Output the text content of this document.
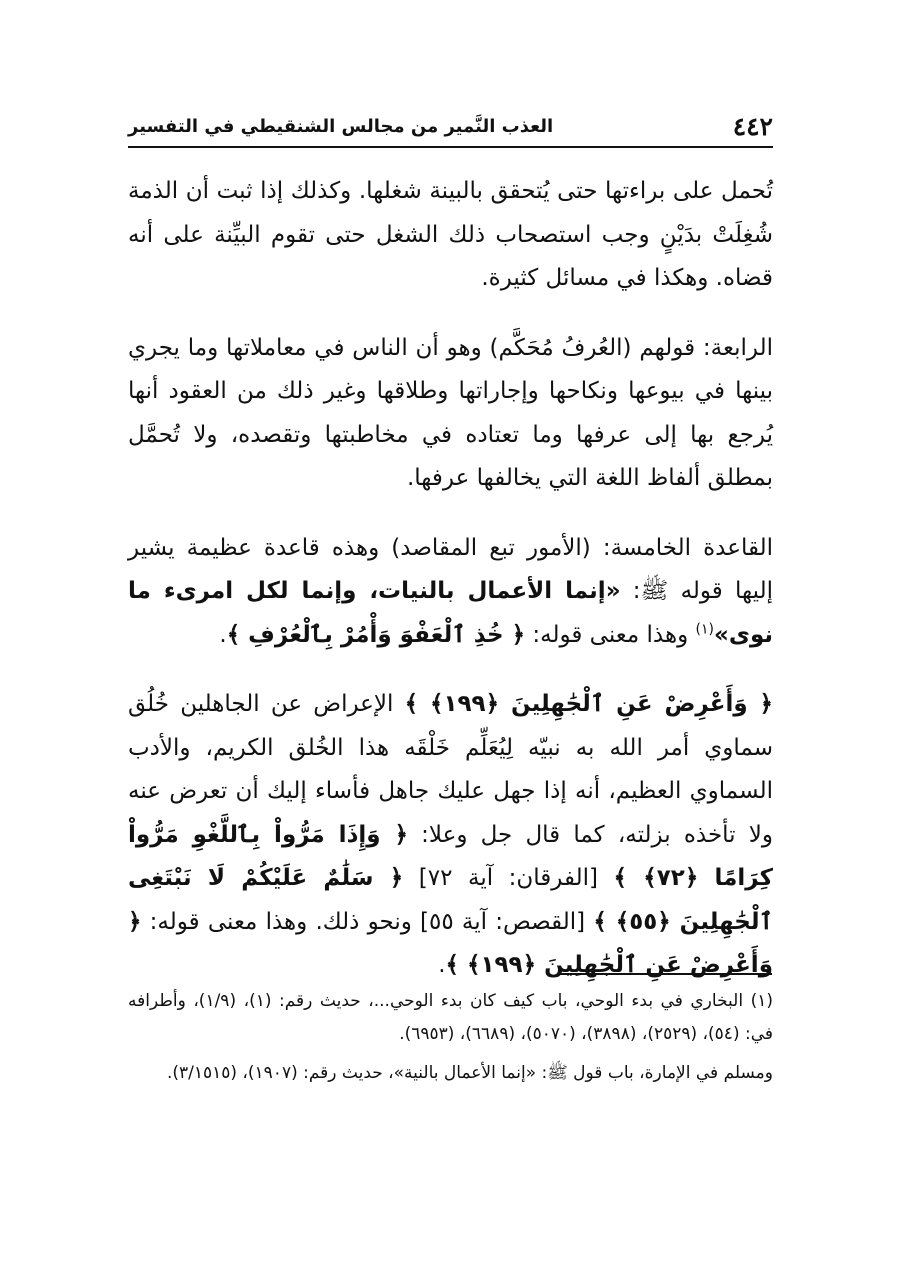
٤٤٢
العذب النَّمير من مجالس الشنقيطي في التفسير

تُحمل على براءتها حتى يُتحقق بالبينة شغلها. وكذلك إذا ثبت أن الذمة شُغِلَتْ بدَيْنٍ وجب استصحاب ذلك الشغل حتى تقوم البيِّنة على أنه قضاه. وهكذا في مسائل كثيرة.

الرابعة: قولهم (العُرفُ مُحَكَّم) وهو أن الناس في معاملاتها وما يجري بينها في بيوعها ونكاحها وإجاراتها وطلاقها وغير ذلك من العقود أنها يُرجع بها إلى عرفها وما تعتاده في مخاطبتها وتقصده، ولا تُحمَّل بمطلق ألفاظ اللغة التي يخالفها عرفها.

القاعدة الخامسة: (الأمور تبع المقاصد) وهذه قاعدة عظيمة يشير إليها قوله ﷺ: «إنما الأعمال بالنيات، وإنما لكل امرىء ما نوى»$^{(١)}$ وهذا معنى قوله: ﴿ خُذِ ٱلْعَفْوَ وَأْمُرْ بِٱلْعُرْفِ ﴾.

﴿ وَأَعْرِضْ عَنِ ٱلْجَٰهِلِينَ ﴿١٩٩﴾ ﴾ الإعراض عن الجاهلين خُلُق سماوي أمر الله به نبيّه لِيُعَلِّم خَلْقَه هذا الخُلق الكريم، والأدب السماوي العظيم، أنه إذا جهل عليك جاهل فأساء إليك أن تعرض عنه ولا تأخذه بزلته، كما قال جل وعلا: ﴿ وَإِذَا مَرُّواْ بِٱللَّغْوِ مَرُّواْ كِرَامًا ﴿٧٢﴾ ﴾ [الفرقان: آية ٧٢] ﴿ سَلَٰمٌ عَلَيْكُمْ لَا نَبْتَغِى ٱلْجَٰهِلِينَ ﴿٥٥﴾ ﴾ [القصص: آية ٥٥] ونحو ذلك. وهذا معنى قوله: ﴿ وَأَعْرِضْ عَنِ ٱلْجَٰهِلِينَ ﴿١٩٩﴾ ﴾.

(١) البخاري في بدء الوحي، باب كيف كان بدء الوحي...، حديث رقم: (١)، (١/٩)، وأطرافه في: (٥٤)، (٢٥٢٩)، (٣٨٩٨)، (٥٠٧٠)، (٦٦٨٩)، (٦٩٥٣).

ومسلم في الإمارة، باب قول ﷺ: «إنما الأعمال بالنية»، حديث رقم: (١٩٠٧)، (٣/١٥١٥).
